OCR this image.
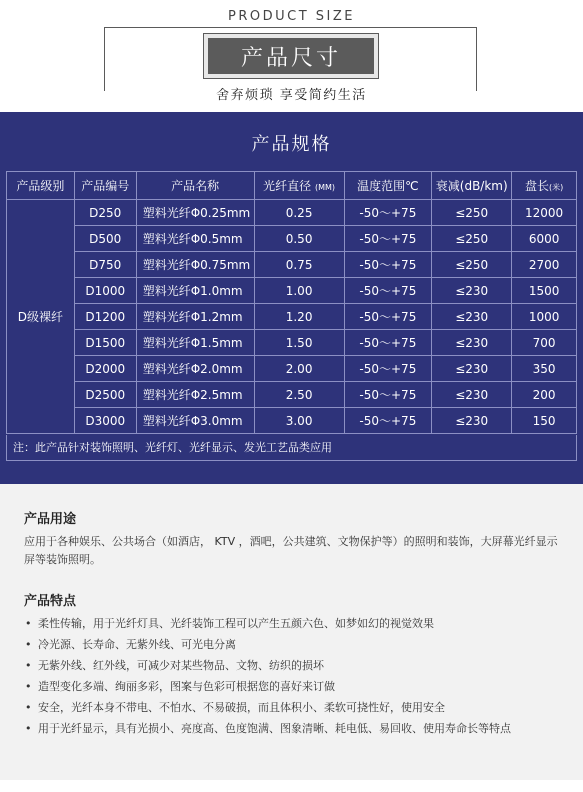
PRODUCT SIZE
产品尺寸
舍弃烦琐 享受简约生活
产品规格
产品级别	产品编号	产品名称	光纤直径 (MM)	温度范围℃	衰减(dB/km)	盘长(米)
D级裸纤	D250	塑料光纤Φ0.25mm	0.25	-50～+75	≤250	12000
	D500	塑料光纤Φ0.5mm	0.50	-50～+75	≤250	6000
	D750	塑料光纤Φ0.75mm	0.75	-50～+75	≤250	2700
	D1000	塑料光纤Φ1.0mm	1.00	-50～+75	≤230	1500
	D1200	塑料光纤Φ1.2mm	1.20	-50～+75	≤230	1000
	D1500	塑料光纤Φ1.5mm	1.50	-50～+75	≤230	700
	D2000	塑料光纤Φ2.0mm	2.00	-50～+75	≤230	350
	D2500	塑料光纤Φ2.5mm	2.50	-50～+75	≤230	200
	D3000	塑料光纤Φ3.0mm	3.00	-50～+75	≤230	150
注：此产品针对装饰照明、光纤灯、光纤显示、发光工艺品类应用
产品用途
应用于各种娱乐、公共场合（如酒店， KTV ，酒吧，公共建筑、文物保护等）的照明和装饰，大屏幕光纤显示 屏等装饰照明。
产品特点
• 柔性传输，用于光纤灯具、光纤装饰工程可以产生五颜六色、如梦如幻的视觉效果
• 冷光源、长寿命、无紫外线、可光电分离
• 无紫外线、红外线，可减少对某些物品、文物、纺织的损坏
• 造型变化多端、绚丽多彩，图案与色彩可根据您的喜好来订做
• 安全，光纤本身不带电、不怕水、不易破损，而且体积小、柔软可挠性好，使用安全
• 用于光纤显示，具有光损小、亮度高、色度饱满、图象清晰、耗电低、易回收、使用寿命长等特点
